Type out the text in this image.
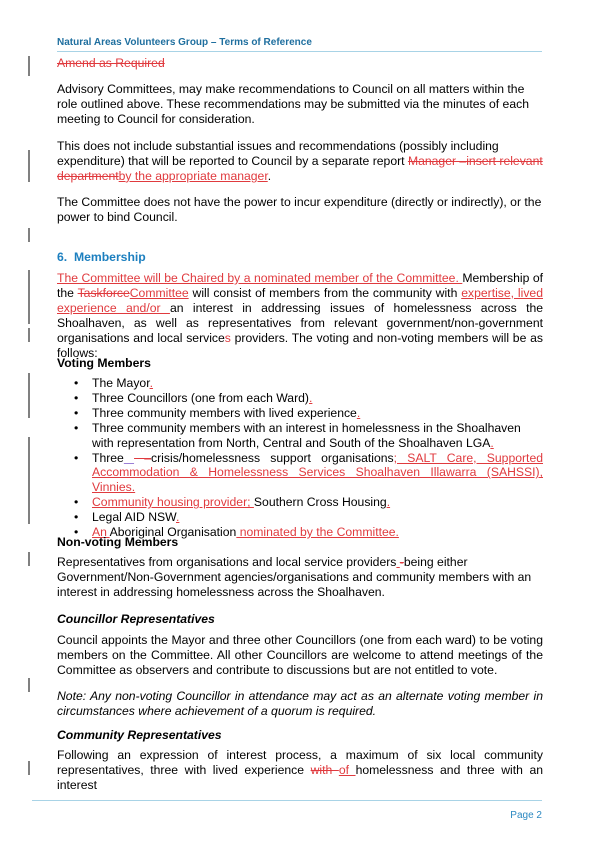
Natural Areas Volunteers Group – Terms of Reference

Amend as Required

Advisory Committees, may make recommendations to Council on all matters within the role outlined above. These recommendations may be submitted via the minutes of each meeting to Council for consideration.

This does not include substantial issues and recommendations (possibly including expenditure) that will be reported to Council by a separate report Manager –insert relevant departmentby the appropriate manager.

The Committee does not have the power to incur expenditure (directly or indirectly), or the power to bind Council.

6. Membership

The Committee will be Chaired by a nominated member of the Committee. Membership of the TaskforceCommittee will consist of members from the community with expertise, lived experience and/or an interest in addressing issues of homelessness across the Shoalhaven, as well as representatives from relevant government/non-government organisations and local services providers. The voting and non-voting members will be as follows:

Voting Members
• The Mayor.
• Three Councillors (one from each Ward).
• Three community members with lived experience.
• Three community members with an interest in homelessness in the Shoalhaven with representation from North, Central and South of the Shoalhaven LGA.
• Three  –crisis/homelessness support organisations; SALT Care, Supported Accommodation & Homelessness Services Shoalhaven Illawarra (SAHSSI), Vinnies.
• Community housing provider; Southern Cross Housing.
• Legal AID NSW.
• An Aboriginal Organisation nominated by the Committee.
Non-voting Members

Representatives from organisations and local service providers -being either Government/Non-Government agencies/organisations and community members with an interest in addressing homelessness across the Shoalhaven.

Councillor Representatives

Council appoints the Mayor and three other Councillors (one from each ward) to be voting members on the Committee. All other Councillors are welcome to attend meetings of the Committee as observers and contribute to discussions but are not entitled to vote.

Note: Any non-voting Councillor in attendance may act as an alternate voting member in circumstances where achievement of a quorum is required.

Community Representatives

Following an expression of interest process, a maximum of six local community representatives, three with lived experience with of homelessness and three with an interest

Page 2
